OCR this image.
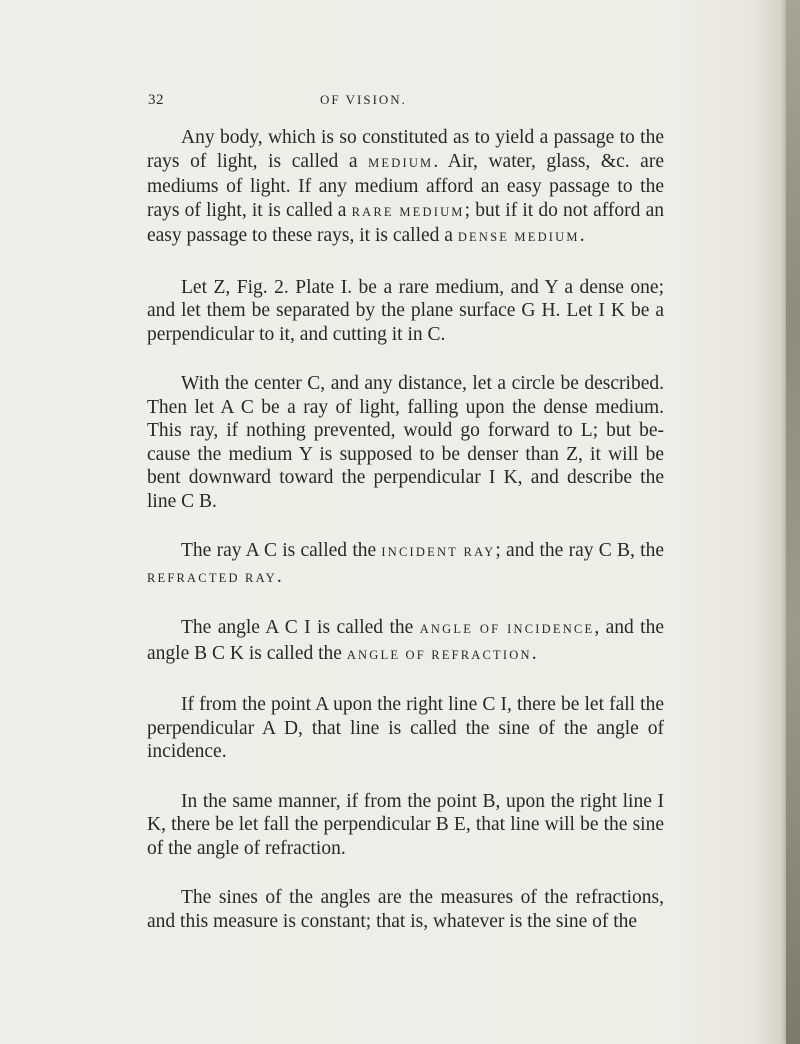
32	OF VISION.

Any body, which is so constituted as to yield a passage to the rays of light, is called a MEDIUM. Air, water, glass, &c. are mediums of light. If any medium afford an easy passage to the rays of light, it is called a RARE MEDIUM; but if it do not afford an easy passage to these rays, it is called a DENSE MEDIUM.

Let Z, Fig. 2. Plate I. be a rare medium, and Y a dense one; and let them be separated by the plane surface G H. Let I K be a perpendicular to it, and cutting it in C.

With the center C, and any distance, let a circle be described. Then let A C be a ray of light, falling upon the dense medium. This ray, if nothing prevented, would go forward to L; but be-cause the medium Y is supposed to be denser than Z, it will be bent downward toward the perpendicular I K, and describe the line C B.

The ray A C is called the INCIDENT RAY; and the ray C B, the REFRACTED RAY.

The angle A C I is called the ANGLE OF INCIDENCE, and the angle B C K is called the ANGLE OF REFRACTION.

If from the point A upon the right line C I, there be let fall the perpendicular A D, that line is called the sine of the angle of incidence.

In the same manner, if from the point B, upon the right line I K, there be let fall the perpendicular B E, that line will be the sine of the angle of refraction.

The sines of the angles are the measures of the refractions, and this measure is constant; that is, whatever is the sine of the
